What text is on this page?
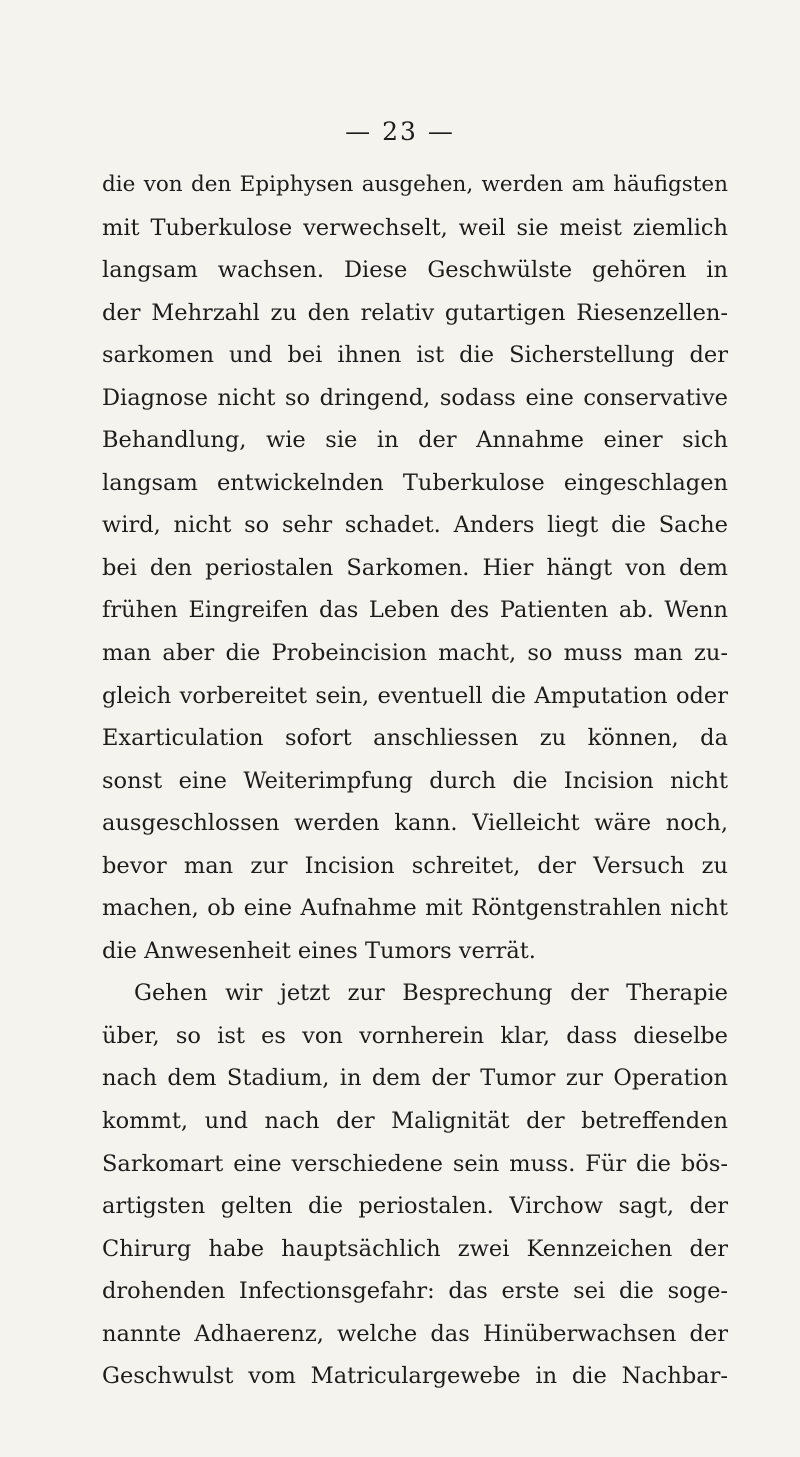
— 23 —
die von den Epiphysen ausgehen, werden am häufigsten
mit Tuberkulose verwechselt, weil sie meist ziemlich
langsam wachsen. Diese Geschwülste gehören in
der Mehrzahl zu den relativ gutartigen Riesenzellen-
sarkomen und bei ihnen ist die Sicherstellung der
Diagnose nicht so dringend, sodass eine conservative
Behandlung, wie sie in der Annahme einer sich
langsam entwickelnden Tuberkulose eingeschlagen
wird, nicht so sehr schadet. Anders liegt die Sache
bei den periostalen Sarkomen. Hier hängt von dem
frühen Eingreifen das Leben des Patienten ab. Wenn
man aber die Probeincision macht, so muss man zu-
gleich vorbereitet sein, eventuell die Amputation oder
Exarticulation sofort anschliessen zu können, da
sonst eine Weiterimpfung durch die Incision nicht
ausgeschlossen werden kann. Vielleicht wäre noch,
bevor man zur Incision schreitet, der Versuch zu
machen, ob eine Aufnahme mit Röntgenstrahlen nicht
die Anwesenheit eines Tumors verrät.
Gehen wir jetzt zur Besprechung der Therapie
über, so ist es von vornherein klar, dass dieselbe
nach dem Stadium, in dem der Tumor zur Operation
kommt, und nach der Malignität der betreffenden
Sarkomart eine verschiedene sein muss. Für die bös-
artigsten gelten die periostalen. Virchow sagt, der
Chirurg habe hauptsächlich zwei Kennzeichen der
drohenden Infectionsgefahr: das erste sei die soge-
nannte Adhaerenz, welche das Hinüberwachsen der
Geschwulst vom Matriculargewebe in die Nachbar-
